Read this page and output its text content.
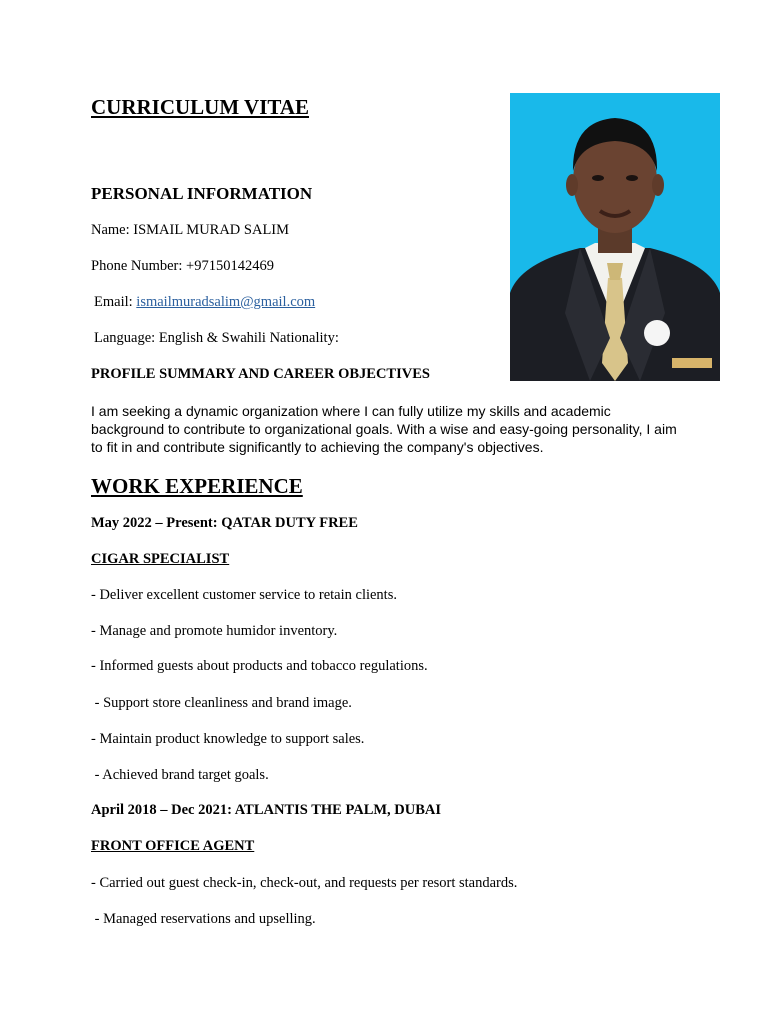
CURRICULUM VITAE
PERSONAL INFORMATION
Name: ISMAIL MURAD SALIM
Phone Number: +97150142469
Email: ismailmuradsalim@gmail.com
Language: English & Swahili Nationality:
PROFILE SUMMARY AND CAREER OBJECTIVES
I am seeking a dynamic organization where I can fully utilize my skills and academic background to contribute to organizational goals. With a wise and easy-going personality, I aim to fit in and contribute significantly to achieving the company's objectives.
WORK EXPERIENCE
May 2022 – Present: QATAR DUTY FREE
CIGAR SPECIALIST
- Deliver excellent customer service to retain clients.
- Manage and promote humidor inventory.
- Informed guests about products and tobacco regulations.
- Support store cleanliness and brand image.
- Maintain product knowledge to support sales.
- Achieved brand target goals.
April 2018 – Dec 2021: ATLANTIS THE PALM, DUBAI
FRONT OFFICE AGENT
- Carried out guest check-in, check-out, and requests per resort standards.
- Managed reservations and upselling.
